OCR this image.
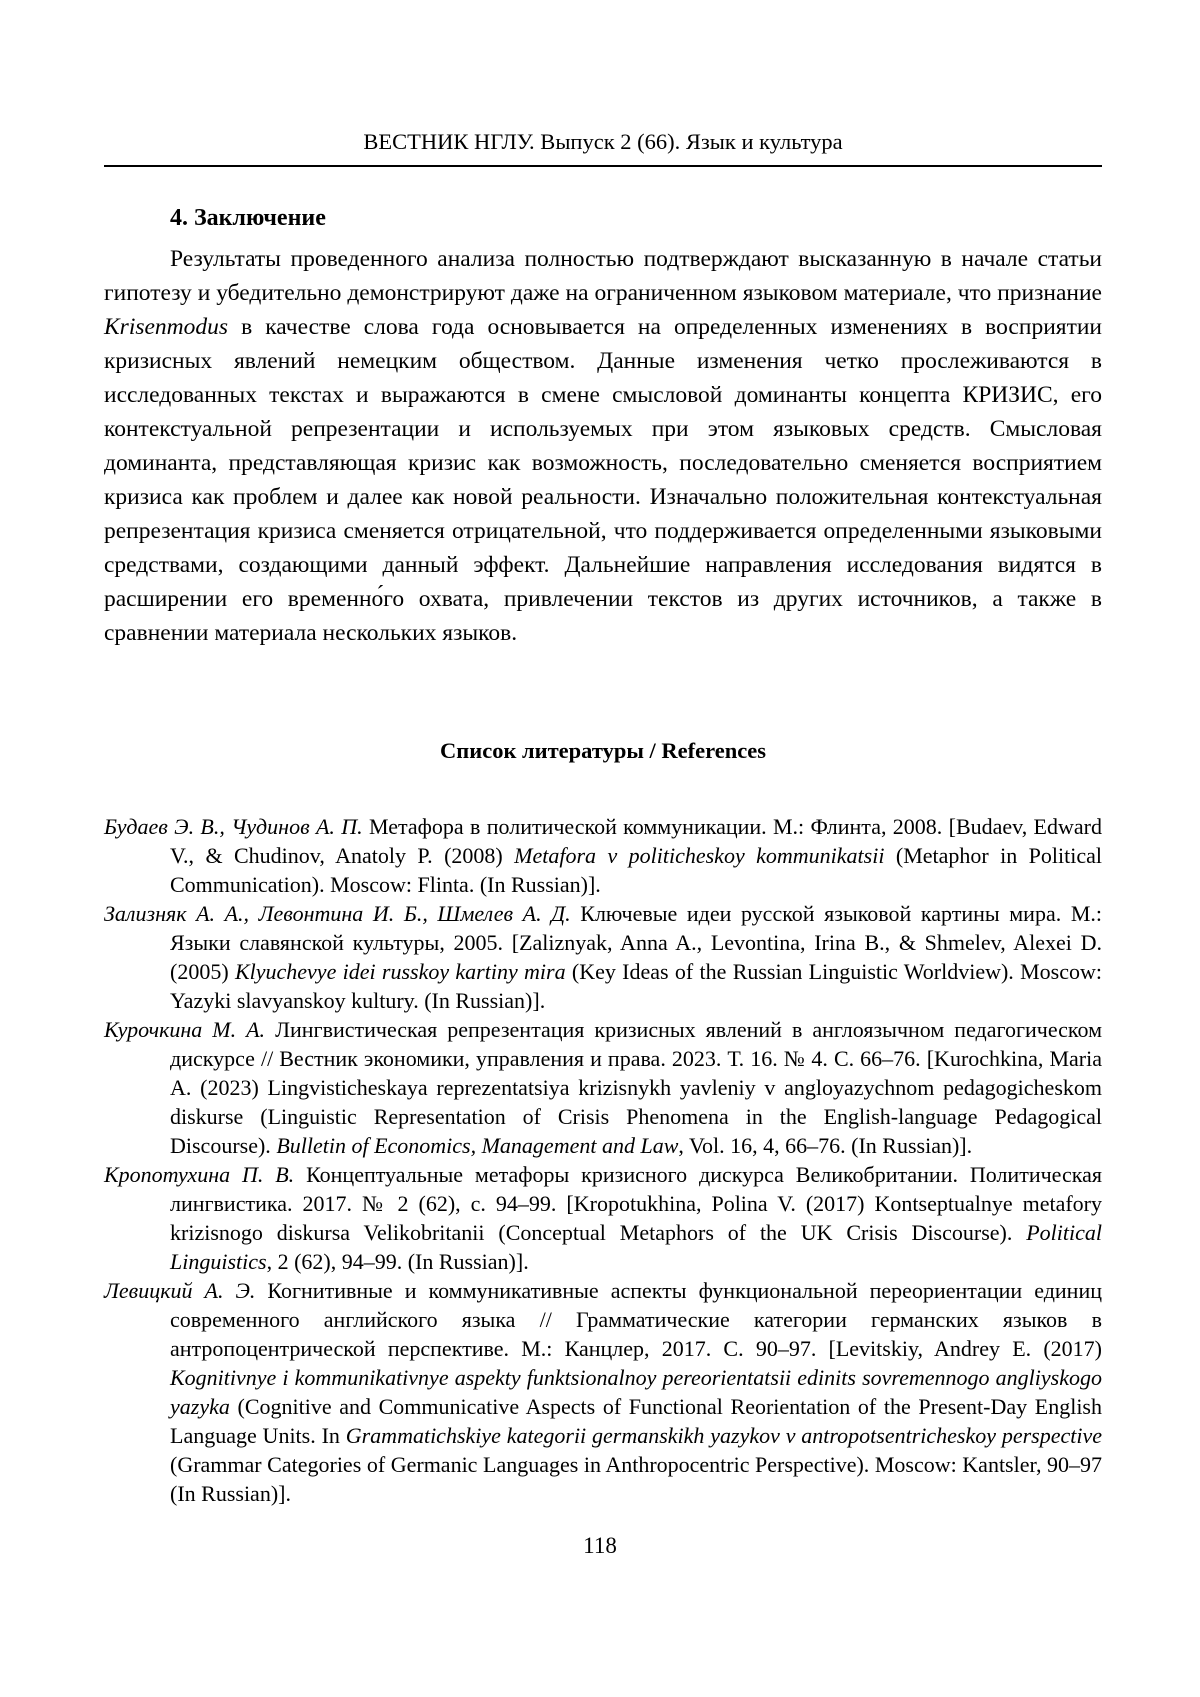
ВЕСТНИК НГЛУ. Выпуск 2 (66). Язык и культура
4. Заключение
Результаты проведенного анализа полностью подтверждают высказанную в начале статьи гипотезу и убедительно демонстрируют даже на ограниченном языковом материале, что признание Krisenmodus в качестве слова года основывается на определенных изменениях в восприятии кризисных явлений немецким обществом. Данные изменения четко прослеживаются в исследованных текстах и выражаются в смене смысловой доминанты концепта КРИЗИС, его контекстуальной репрезентации и используемых при этом языковых средств. Смысловая доминанта, представляющая кризис как возможность, последовательно сменяется восприятием кризиса как проблем и далее как новой реальности. Изначально положительная контекстуальная репрезентация кризиса сменяется отрицательной, что поддерживается определенными языковыми средствами, создающими данный эффект. Дальнейшие направления исследования видятся в расширении его временно́го охвата, привлечении текстов из других источников, а также в сравнении материала нескольких языков.
Список литературы / References

Будаев Э. В., Чудинов А. П. Метафора в политической коммуникации. М.: Флинта, 2008. [Budaev, Edward V., & Chudinov, Anatoly P. (2008) Metafora v politicheskoy kommunikatsii (Metaphor in Political Communication). Moscow: Flinta. (In Russian)].

Зализняк А. А., Левонтина И. Б., Шмелев А. Д. Ключевые идеи русской языковой картины мира. М.: Языки славянской культуры, 2005. [Zaliznyak, Anna A., Levontina, Irina B., & Shmelev, Alexei D. (2005) Klyuchevye idei russkoy kartiny mira (Key Ideas of the Russian Linguistic Worldview). Moscow: Yazyki slavyanskoy kultury. (In Russian)].

Курочкина М. А. Лингвистическая репрезентация кризисных явлений в англоязычном педагогическом дискурсе // Вестник экономики, управления и права. 2023. Т. 16. № 4. С. 66–76. [Kurochkina, Maria A. (2023) Lingvisticheskaya reprezentatsiya krizisnykh yavleniy v angloyazychnom pedagogicheskom diskurse (Linguistic Representation of Crisis Phenomena in the English-language Pedagogical Discourse). Bulletin of Economics, Management and Law, Vol. 16, 4, 66–76. (In Russian)].

Кропотухина П. В. Концептуальные метафоры кризисного дискурса Великобритании. Политическая лингвистика. 2017. № 2 (62), с. 94–99. [Kropotukhina, Polina V. (2017) Kontseptualnye metafory krizisnogo diskursa Velikobritanii (Conceptual Metaphors of the UK Crisis Discourse). Political Linguistics, 2 (62), 94–99. (In Russian)].

Левицкий А. Э. Когнитивные и коммуникативные аспекты функциональной переориентации единиц современного английского языка // Грамматические категории германских языков в антропоцентрической перспективе. М.: Канцлер, 2017. С. 90–97. [Levitskiy, Andrey E. (2017) Kognitivnye i kommunikativnye aspekty funktsionalnoy pereorientatsii edinits sovremennogo angliyskogo yazyka (Cognitive and Communicative Aspects of Functional Reorientation of the Present-Day English Language Units. In Grammatichskiye kategorii germanskikh yazykov v antropotsentricheskoy perspective (Grammar Categories of Germanic Languages in Anthropocentric Perspective). Moscow: Kantsler, 90–97 (In Russian)].

118
